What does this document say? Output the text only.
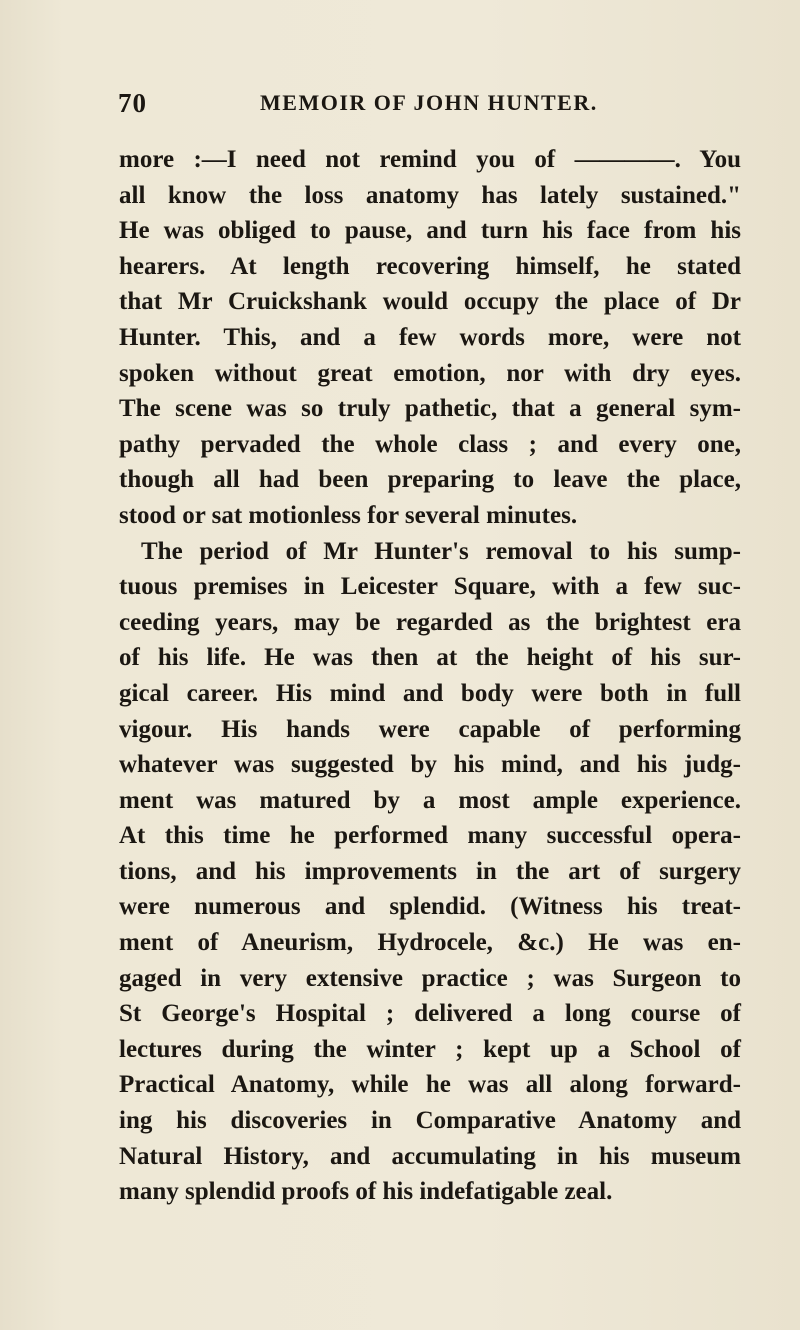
70	MEMOIR OF JOHN HUNTER.
more :—I need not remind you of ————. You
all know the loss anatomy has lately sustained."
He was obliged to pause, and turn his face from his
hearers. At length recovering himself, he stated
that Mr Cruickshank would occupy the place of Dr
Hunter. This, and a few words more, were not
spoken without great emotion, nor with dry eyes.
The scene was so truly pathetic, that a general sym-
pathy pervaded the whole class ; and every one,
though all had been preparing to leave the place,
stood or sat motionless for several minutes.
The period of Mr Hunter's removal to his sump-
tuous premises in Leicester Square, with a few suc-
ceeding years, may be regarded as the brightest era
of his life. He was then at the height of his sur-
gical career. His mind and body were both in full
vigour. His hands were capable of performing
whatever was suggested by his mind, and his judg-
ment was matured by a most ample experience.
At this time he performed many successful opera-
tions, and his improvements in the art of surgery
were numerous and splendid. (Witness his treat-
ment of Aneurism, Hydrocele, &c.) He was en-
gaged in very extensive practice ; was Surgeon to
St George's Hospital ; delivered a long course of
lectures during the winter ; kept up a School of
Practical Anatomy, while he was all along forward-
ing his discoveries in Comparative Anatomy and
Natural History, and accumulating in his museum
many splendid proofs of his indefatigable zeal.
